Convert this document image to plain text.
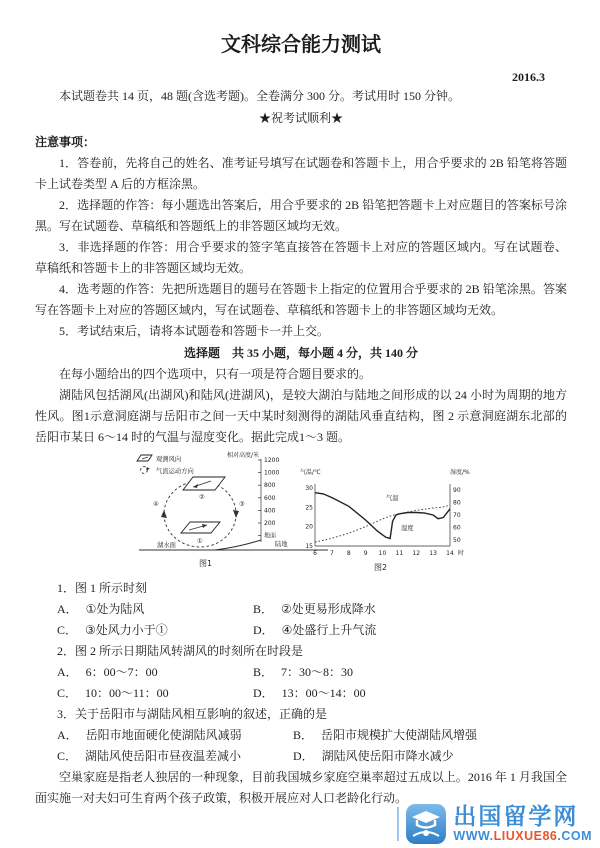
文科综合能力测试
2016.3
本试题卷共 14 页，48 题(含选考题)。全卷满分 300 分。考试用时 150 分钟。
★祝考试顺利★
注意事项：
1．答卷前，先将自己的姓名、准考证号填写在试题卷和答题卡上，用合乎要求的 2B 铅笔将答题卡上试卷类型 A 后的方框涂黑。
2．选择题的作答：每小题选出答案后，用合乎要求的 2B 铅笔把答题卡上对应题目的答案标号涂黑。写在试题卷、草稿纸和答题纸上的非答题区域均无效。
3．非选择题的作答：用合乎要求的签字笔直接答在答题卡上对应的答题区域内。写在试题卷、草稿纸和答题卡上的非答题区域均无效。
4．选考题的作答：先把所选题目的题号在答题卡上指定的位置用合乎要求的 2B 铅笔涂黑。答案写在答题卡上对应的答题区域内，写在试题卷、草稿纸和答题卡上的非答题区域均无效。
5．考试结束后，请将本试题卷和答题卡一并上交。
选择题　共 35 小题，每小题 4 分，共 140 分
在每小题给出的四个选项中，只有一项是符合题目要求的。
湖陆风包括湖风(出湖风)和陆风(进湖风)，是较大湖泊与陆地之间形成的以 24 小时为周期的地方性风。图1示意洞庭湖与岳阳市之间一天中某时刻测得的湖陆风垂直结构，图 2 示意洞庭湖东北部的岳阳市某日 6～14 时的气温与湿度变化。据此完成1～3 题。
观测风向
气流运动方向
②
①
③
④
相对高度/米
1200
1000
800
600
400
200
地面
湖水面	陆地
图1
气温/℃	湿度/%
30
25
20
15
90
80
70
60
50
6 7 8 9 10 11 12 13 14 时
气温
湿度
图2
1．图 1 所示时刻
A． ①处为陆风	B． ②处更易形成降水
C． ③处风力小于①	D． ④处盛行上升气流
2．图 2 所示日期陆风转湖风的时刻所在时段是
A． 6：00～7：00	B． 7：30～8：30
C． 10：00～11：00	D． 13：00～14：00
3．关于岳阳市与湖陆风相互影响的叙述，正确的是
A． 岳阳市地面硬化使湖陆风减弱	B． 岳阳市规模扩大使湖陆风增强
C． 湖陆风使岳阳市昼夜温差减小	D． 湖陆风使岳阳市降水减少
空巢家庭是指老人独居的一种现象，目前我国城乡家庭空巢率超过五成以上。2016 年 1 月我国全面实施一对夫妇可生育两个孩子政策，积极开展应对人口老龄化行动。
出国留学网
WWW.LIUXUE86.COM
